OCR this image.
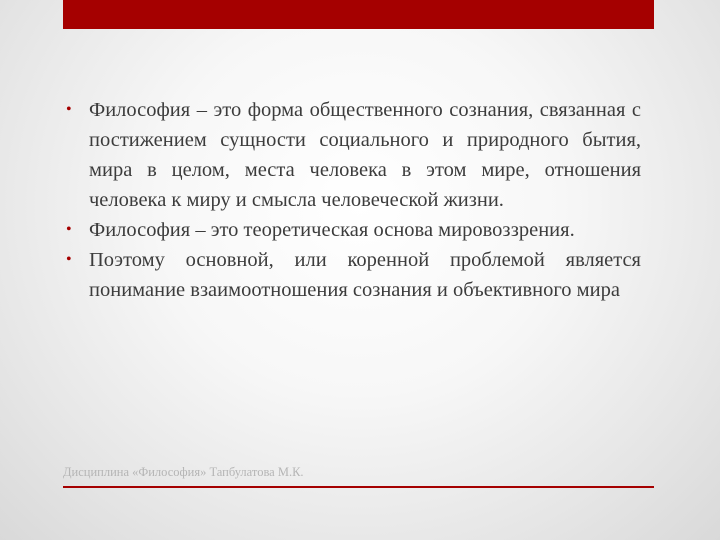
• Философия – это форма общественного сознания, связанная с постижением сущности социального и природного бытия, мира в целом, места человека в этом мире, отношения человека к миру и смысла человеческой жизни.
• Философия – это теоретическая основа мировоззрения.
• Поэтому основной, или коренной проблемой является понимание взаимоотношения сознания и объективного мира
Дисциплина «Философия» Тапбулатова М.К.
